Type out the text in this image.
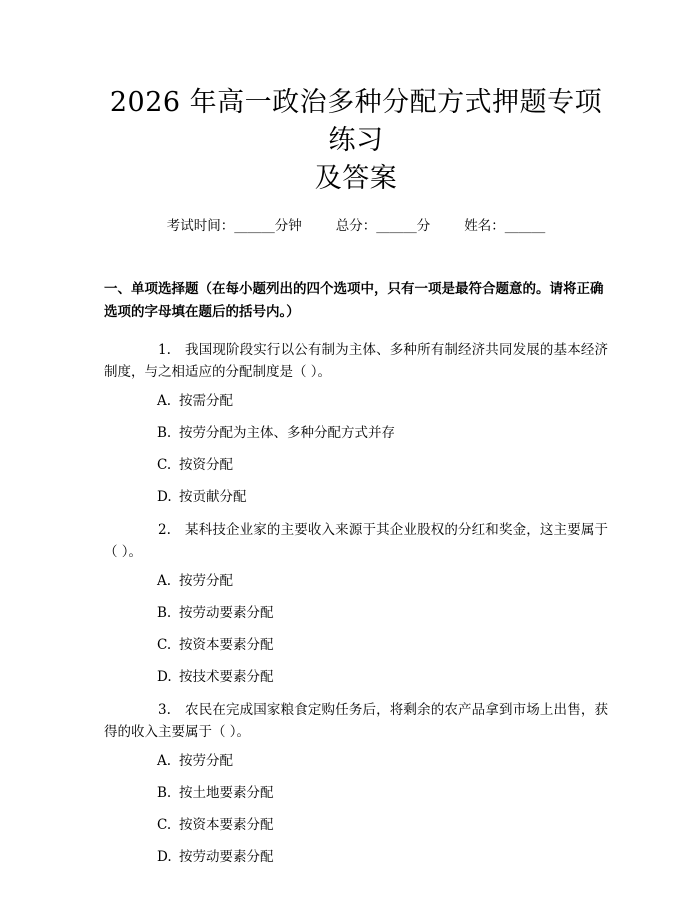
2026 年高一政治多种分配方式押题专项练习
及答案
考试时间：______分钟	总分：______分	姓名：______
一、单项选择题（在每小题列出的四个选项中，只有一项是最符合题意的。请将正确选项的字母填在题后的括号内。）
1. 我国现阶段实行以公有制为主体、多种所有制经济共同发展的基本经济制度，与之相适应的分配制度是（ ）。
A. 按需分配
B. 按劳分配为主体、多种分配方式并存
C. 按资分配
D. 按贡献分配
2. 某科技企业家的主要收入来源于其企业股权的分红和奖金，这主要属于（ ）。
A. 按劳分配
B. 按劳动要素分配
C. 按资本要素分配
D. 按技术要素分配
3. 农民在完成国家粮食定购任务后，将剩余的农产品拿到市场上出售，获得的收入主要属于（ ）。
A. 按劳分配
B. 按土地要素分配
C. 按资本要素分配
D. 按劳动要素分配
